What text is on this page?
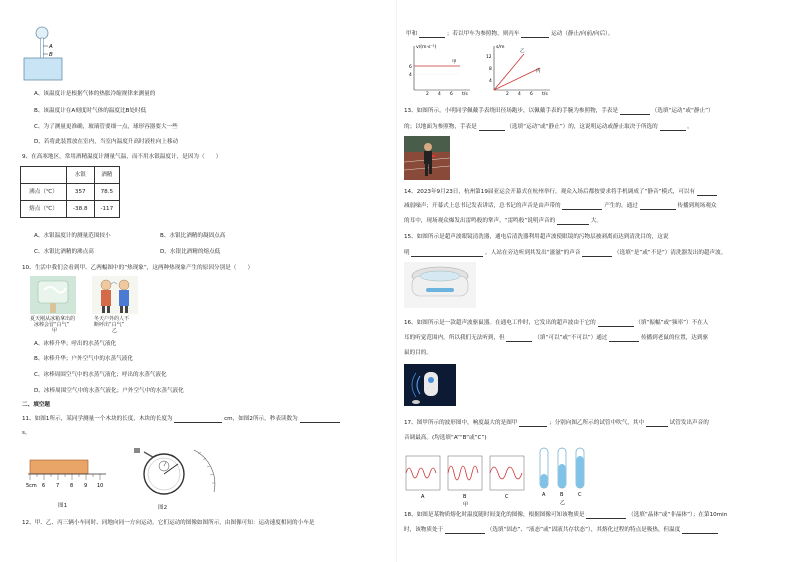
A
B
A、该温度计是根据气体的热胀冷缩规律来测量的
B、该温度计在A刻度时气体的温度比B处时低
C、为了测量更准确，玻璃管要细一点，球形容器要大一些
D、若将此装置放在室内，当室内温度升高时液柱向上移动
9、在高寒地区，常用酒精温度计测量气温，而不用水银温度计，是因为（　　）
	水银	酒精
沸点（℃）	357	78.5
熔点（℃）	-38.8	-117
A、水银温度计的测量范围较小	B、水银比酒精的凝固点高
C、水银比酒精的沸点高	D、水银比酒精的熔点低
10、生活中我们会看到甲、乙两幅图中的“热现象”，这两种热现象产生的原因分别是（　　）
夏天刚从冰箱拿出的
冰棒会冒“白气”
甲
冬天户外的人不
断呼出“白气”
乙
A、冰棒升华；呼出的水蒸气液化
B、冰棒升华；户外空气中的水蒸气液化
C、冰棒周围空气中的水蒸气液化；呼出的水蒸气液化
D、冰棒周围空气中的水蒸气液化；户外空气中的水蒸气液化
二、填空题
11、如图1所示，某同学测量一个木块的长度，木块的长度为	cm，如图2所示，秒表读数为
s。
5cm 6 7 8 9 10
图1	图2
12、甲、乙、丙三辆小车同时、同地向同一方向运动，它们运动的图像如图所示，由图像可知：运动速度相同的小车是
甲和	；若以甲车为参照物，则丙车	运动（静止/向前/向后）。
v/(m·s⁻¹)
t/s
甲
4
6
2 4 6
s/m
t/s
乙
丙
4
8
12
2 4 6
13、如图所示，小明同学佩戴手表绕田径场跑步，以佩戴手表的手腕为参照物，手表是	（选填“运动”或“静止”）
的；以地面为参照物，手表是	（选填“运动”或“静止”）的，这说明运动或静止取决于所选的	。
14、2023年9月23日，杭州第19届亚运会开幕式在杭州举行。观众入场后都按要求将手机调成了“静音”模式，可以有
减弱噪声；开幕式上总书记发表讲话，总书记的声音是由声带的	产生的，通过	传播到现场观众
的耳中，现场观众爆发出雷鸣般的掌声，“雷鸣般”说明声音的	大。
15、如图所示是超声波眼镜清洗器，通电后清洗器利用超声波使眼镜的污物层被剥离而达到清洗目的，这说
明	。人站在旁边听到其发出“滋滋”的声音	（选填“是”或“不是”）清洗器发出的超声波。
16、如图所示是一款超声波驱鼠器。在通电工作时，它发出的超声波由于它的	（填“振幅”或“频率”）不在人
耳的听觉范围内，所以我们无法听到，但	（填“可以”或“不可以”）通过	传播到老鼠的位置，达到驱
鼠的目的。
17、图甲所示的波形图中，响度最大的是图甲	；分别向图乙所示的试管中吹气，其中	试管发出声音的
音调最高。(均选填“A”“B”或“C”)
A	B	C
甲
A	B	C
乙
18、如图是某物质熔化时温度随时间变化的图像，根据图像可知该物质是	（选填“晶体”或“非晶体”）；在第10min
时，该物质处于	（选填“固态”、“液态”或“固液共存状态”），其熔化过程的特点是吸热，但温度
